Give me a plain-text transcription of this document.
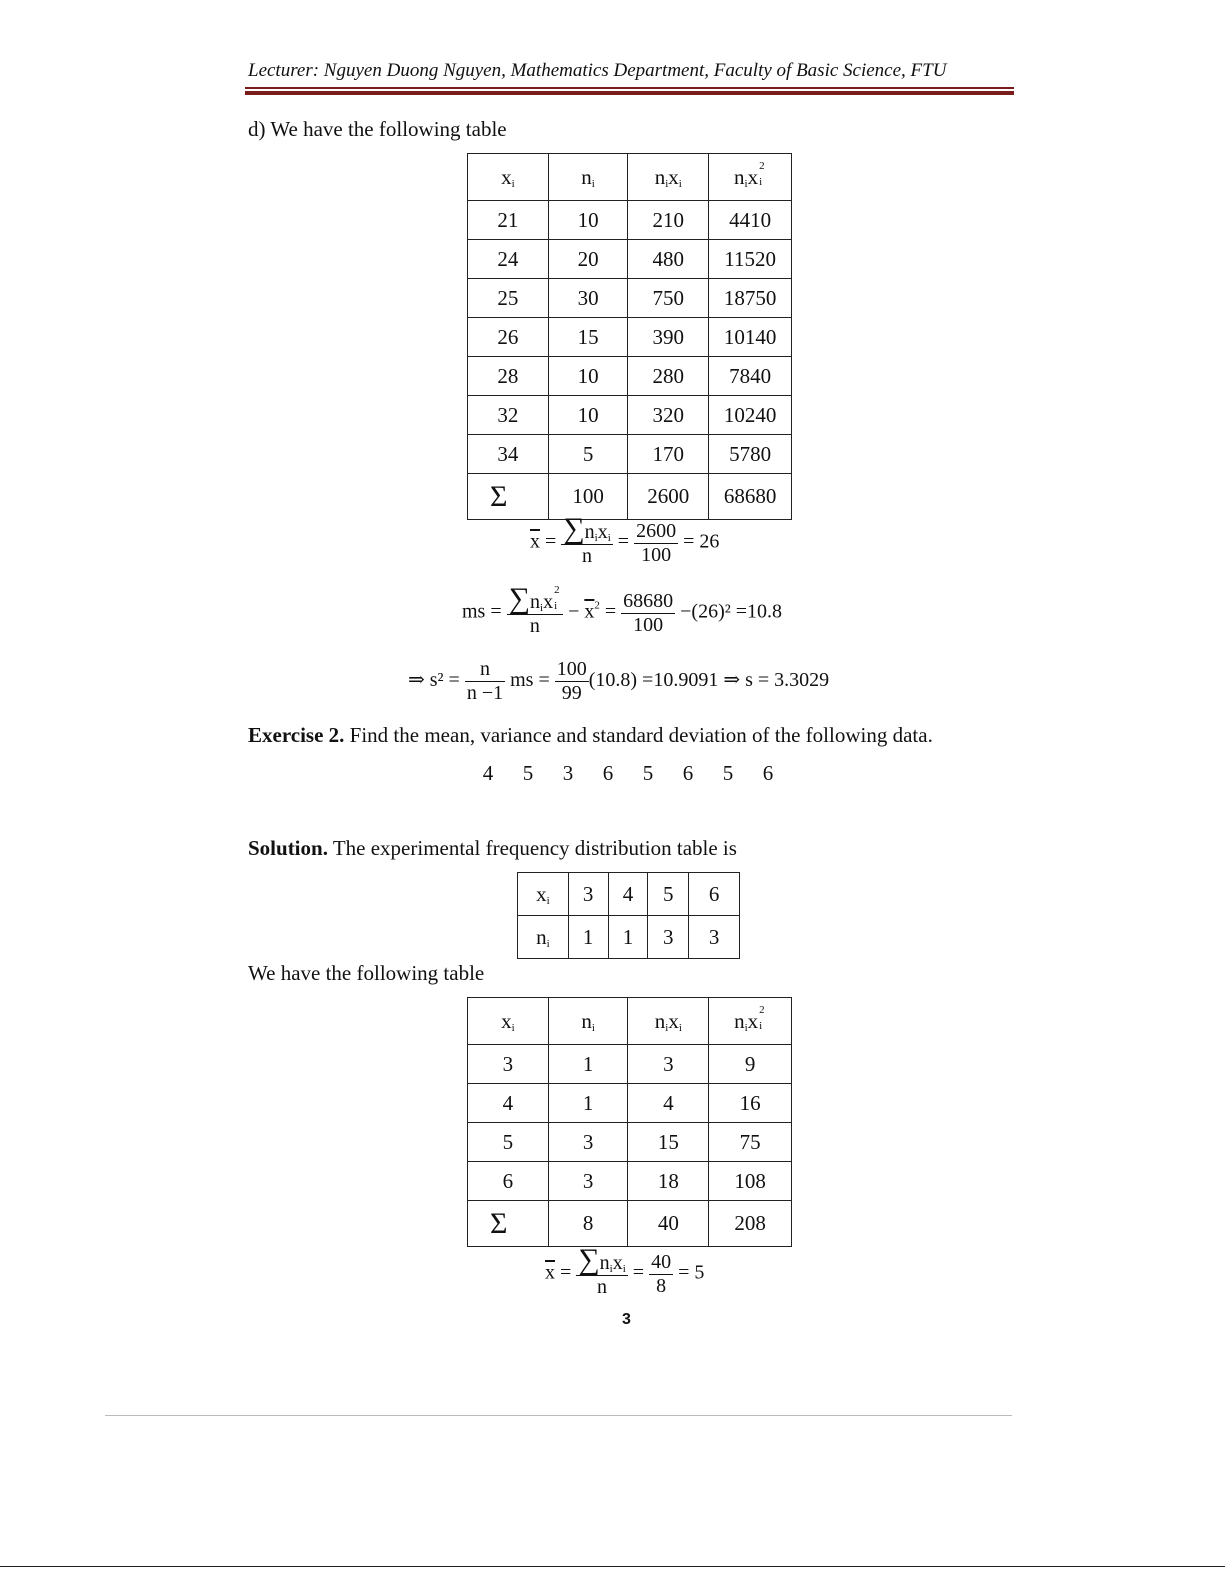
Lecturer: Nguyen Duong Nguyen, Mathematics Department, Faculty of Basic Science, FTU
d) We have the following table
$x_i$	$n_i$	$n_ix_i$	$n_ix$ 2
i

21	10	210	4410
24	20	480	11520
25	30	750	18750
26	15	390	10140
28	10	280	7840
32	10	320	10240
34	5	170	5780
Σ	100	2600	68680
$\overline{x} = \frac{\sum n_ix_i}{n} = \frac{2600}{100} = 26$
ms = $\sum n_ix$
2
i
$n - \overline{x}^2 = \frac{68680}{100} -(26)^2 =10.8$
⇒ $s^2 = \frac{n}{n -1}$ ms = $\frac{100}{99} (10.8) =10.9091$ ⇒ s = 3.3029
Exercise 2. Find the mean, variance and standard deviation of the following data.
4 5 3 6 5 6 5 6
Solution. The experimental frequency distribution table is
$x_i$	3	4	5	6
$n_i$	1	1	3	3
We have the following table
$x_i$	$n_i$	$n_ix_i$	$n_ix$ 2
i

3	1	3	9
4	1	4	16
5	3	15	75
6	3	18	108
Σ	8	40	208
$\overline{x} = \frac{\sum n_ix_i}{n} = \frac{40}{8} = 5$
3
